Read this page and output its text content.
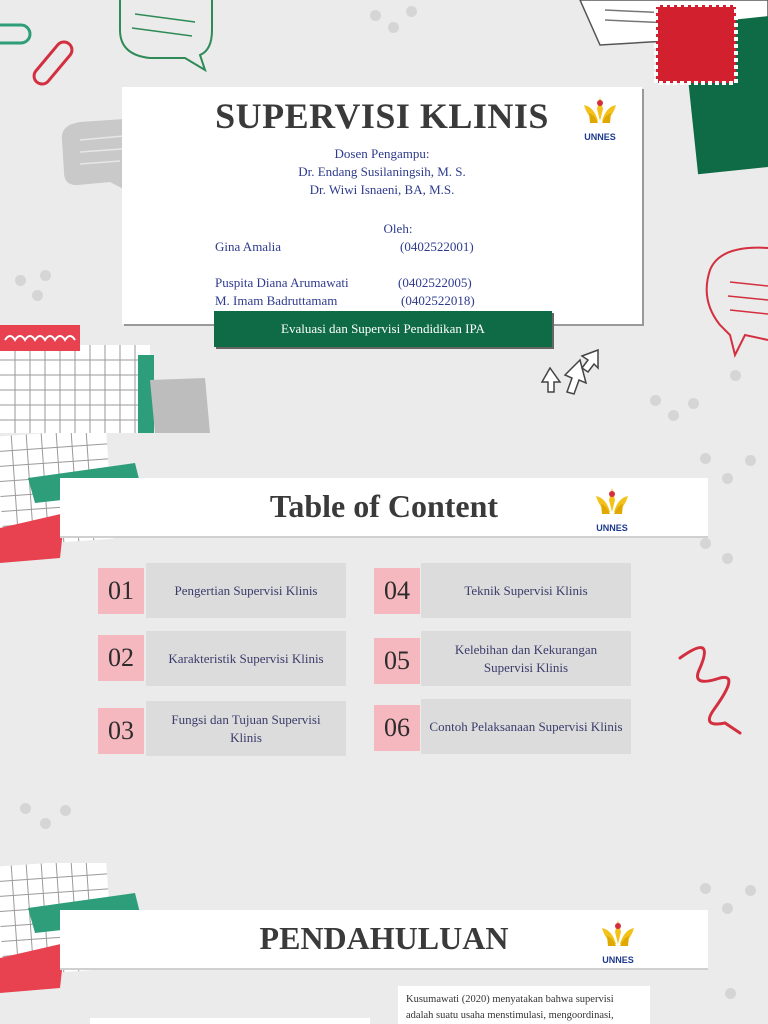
SUPERVISI KLINIS
UNNES
Dosen Pengampu:
Dr. Endang Susilaningsih, M. S.
Dr. Wiwi Isnaeni, BA, M.S.
Oleh:
Gina Amalia	(0402522001)
Puspita Diana Arumawati	(0402522005)
M. Imam Badruttamam	(0402522018)
Evaluasi dan Supervisi Pendidikan IPA
Table of Content
UNNES
01	Pengertian Supervisi Klinis
02	Karakteristik Supervisi Klinis
03	Fungsi dan Tujuan Supervisi Klinis
04	Teknik Supervisi Klinis
05	Kelebihan dan Kekurangan Supervisi Klinis
06	Contoh Pelaksanaan Supervisi Klinis
PENDAHULUAN
UNNES
Kusumawati (2020) menyatakan bahwa supervisi
adalah suatu usaha menstimulasi, mengoordinasi,
